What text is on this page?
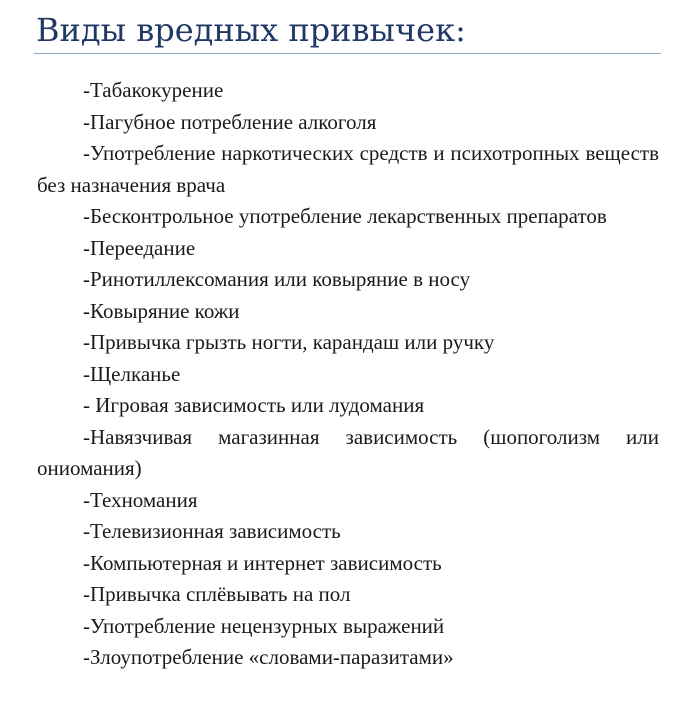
Виды вредных привычек:
-Табакокурение
-Пагубное потребление алкоголя
-Употребление наркотических средств и психотропных веществ без назначения врача
-Бесконтрольное употребление лекарственных препаратов
-Переедание
-Ринотиллексомания или ковыряние в носу
-Ковыряние кожи
-Привычка грызть ногти, карандаш или ручку
-Щелканье
- Игровая зависимость или лудомания
-Навязчивая магазинная зависимость (шопоголизм или ониомания)
-Техномания
-Телевизионная зависимость
-Компьютерная и интернет зависимость
-Привычка сплёвывать на пол
-Употребление нецензурных выражений
-Злоупотребление «словами-паразитами»
